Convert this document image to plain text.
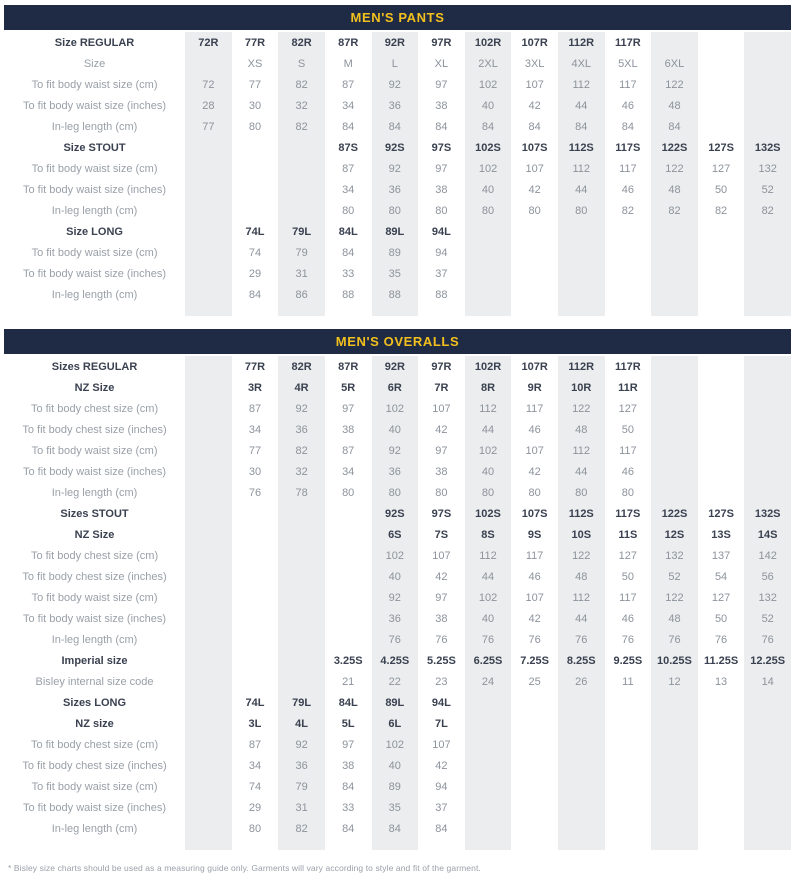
MEN'S PANTS
Size REGULAR	72R	77R	82R	87R	92R	97R	102R	107R	112R	117R			
Size		XS	S	M	L	XL	2XL	3XL	4XL	5XL	6XL		
To fit body waist size (cm)	72	77	82	87	92	97	102	107	112	117	122		
To fit body waist size (inches)	28	30	32	34	36	38	40	42	44	46	48		
In-leg length (cm)	77	80	82	84	84	84	84	84	84	84	84		
Size STOUT				87S	92S	97S	102S	107S	112S	117S	122S	127S	132S
To fit body waist size (cm)				87	92	97	102	107	112	117	122	127	132
To fit body waist size (inches)				34	36	38	40	42	44	46	48	50	52
In-leg length (cm)				80	80	80	80	80	80	82	82	82	82
Size LONG		74L	79L	84L	89L	94L							
To fit body waist size (cm)		74	79	84	89	94							
To fit body waist size (inches)		29	31	33	35	37							
In-leg length (cm)		84	86	88	88	88							

MEN'S OVERALLS
Sizes REGULAR		77R	82R	87R	92R	97R	102R	107R	112R	117R			
NZ Size		3R	4R	5R	6R	7R	8R	9R	10R	11R			
To fit body chest size (cm)		87	92	97	102	107	112	117	122	127			
To fit body chest size (inches)		34	36	38	40	42	44	46	48	50			
To fit body waist size (cm)		77	82	87	92	97	102	107	112	117			
To fit body waist size (inches)		30	32	34	36	38	40	42	44	46			
In-leg length (cm)		76	78	80	80	80	80	80	80	80			
Sizes STOUT					92S	97S	102S	107S	112S	117S	122S	127S	132S
NZ Size					6S	7S	8S	9S	10S	11S	12S	13S	14S
To fit body chest size (cm)					102	107	112	117	122	127	132	137	142
To fit body chest size (inches)					40	42	44	46	48	50	52	54	56
To fit body waist size (cm)					92	97	102	107	112	117	122	127	132
To fit body waist size (inches)					36	38	40	42	44	46	48	50	52
In-leg length (cm)					76	76	76	76	76	76	76	76	76
Imperial size				3.25S	4.25S	5.25S	6.25S	7.25S	8.25S	9.25S	10.25S	11.25S	12.25S
Bisley internal size code				21	22	23	24	25	26	11	12	13	14
Sizes LONG		74L	79L	84L	89L	94L							
NZ size		3L	4L	5L	6L	7L							
To fit body chest size (cm)		87	92	97	102	107							
To fit body chest size (inches)		34	36	38	40	42							
To fit body waist size (cm)		74	79	84	89	94							
To fit body waist size (inches)		29	31	33	35	37							
In-leg length (cm)		80	82	84	84	84							

* Bisley size charts should be used as a measuring guide only. Garments will vary according to style and fit of the garment.
